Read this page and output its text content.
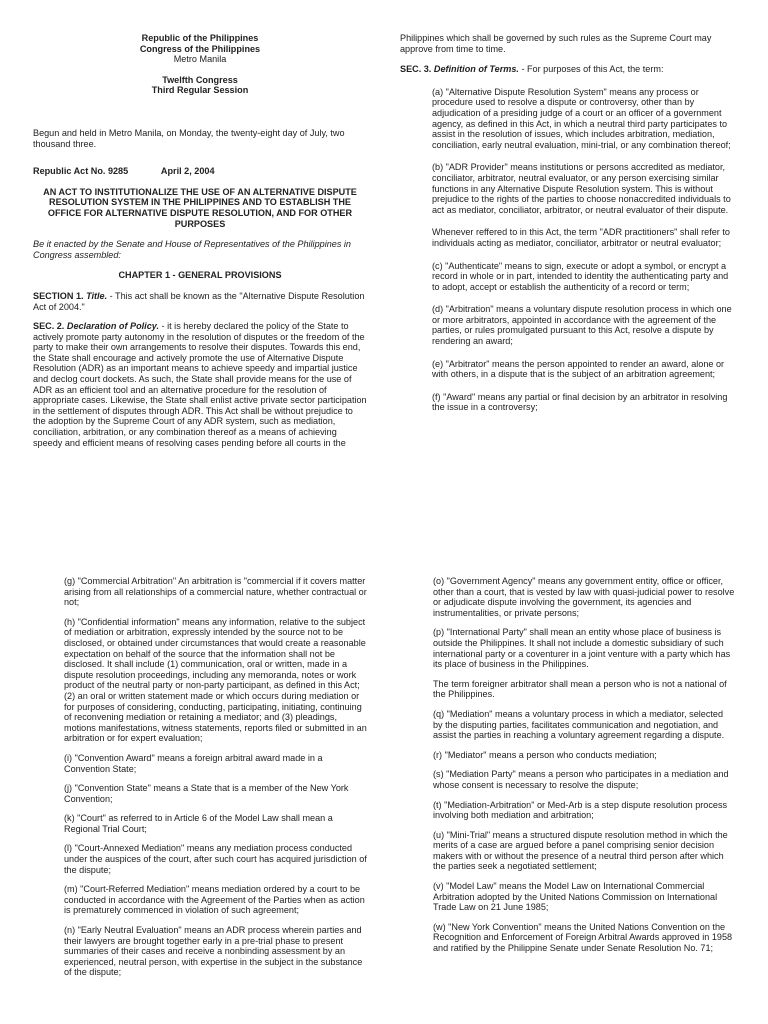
Republic of the Philippines
Congress of the Philippines
Metro Manila
Twelfth Congress
Third Regular Session

Begun and held in Metro Manila, on Monday, the twenty-eight day of July, two thousand three.

Republic Act No. 9285	April 2, 2004

AN ACT TO INSTITUTIONALIZE THE USE OF AN ALTERNATIVE DISPUTE RESOLUTION SYSTEM IN THE PHILIPPINES AND TO ESTABLISH THE OFFICE FOR ALTERNATIVE DISPUTE RESOLUTION, AND FOR OTHER PURPOSES

Be it enacted by the Senate and House of Representatives of the Philippines in Congress assembled:

CHAPTER 1 - GENERAL PROVISIONS

SECTION 1. Title. - This act shall be known as the "Alternative Dispute Resolution Act of 2004."

SEC. 2. Declaration of Policy. - it is hereby declared the policy of the State to actively promote party autonomy in the resolution of disputes or the freedom of the party to make their own arrangements to resolve their disputes. Towards this end, the State shall encourage and actively promote the use of Alternative Dispute Resolution (ADR) as an important means to achieve speedy and impartial justice and declog court dockets. As such, the State shall provide means for the use of ADR as an efficient tool and an alternative procedure for the resolution of appropriate cases. Likewise, the State shall enlist active private sector participation in the settlement of disputes through ADR. This Act shall be without prejudice to the adoption by the Supreme Court of any ADR system, such as mediation, conciliation, arbitration, or any combination thereof as a means of achieving speedy and efficient means of resolving cases pending before all courts in the

Philippines which shall be governed by such rules as the Supreme Court may approve from time to time.

SEC. 3. Definition of Terms. - For purposes of this Act, the term:

(a) "Alternative Dispute Resolution System" means any process or procedure used to resolve a dispute or controversy, other than by adjudication of a presiding judge of a court or an officer of a government agency, as defined in this Act, in which a neutral third party participates to assist in the resolution of issues, which includes arbitration, mediation, conciliation, early neutral evaluation, mini-trial, or any combination thereof;

(b) "ADR Provider" means institutions or persons accredited as mediator, conciliator, arbitrator, neutral evaluator, or any person exercising similar functions in any Alternative Dispute Resolution system. This is without prejudice to the rights of the parties to choose nonaccredited individuals to act as mediator, conciliator, arbitrator, or neutral evaluator of their dispute.

Whenever reffered to in this Act, the term "ADR practitioners" shall refer to individuals acting as mediator, conciliator, arbitrator or neutral evaluator;

(c) "Authenticate" means to sign, execute or adopt a symbol, or encrypt a record in whole or in part, intended to identity the authenticating party and to adopt, accept or establish the authenticity of a record or term;

(d) "Arbitration" means a voluntary dispute resolution process in which one or more arbitrators, appointed in accordance with the agreement of the parties, or rules promulgated pursuant to this Act, resolve a dispute by rendering an award;

(e) "Arbitrator" means the person appointed to render an award, alone or with others, in a dispute that is the subject of an arbitration agreement;

(f) "Award" means any partial or final decision by an arbitrator in resolving the issue in a controversy;

(g) "Commercial Arbitration" An arbitration is "commercial if it covers matter arising from all relationships of a commercial nature, whether contractual or not;

(h) "Confidential information" means any information, relative to the subject of mediation or arbitration, expressly intended by the source not to be disclosed, or obtained under circumstances that would create a reasonable expectation on behalf of the source that the information shall not be disclosed. It shall include (1) communication, oral or written, made in a dispute resolution proceedings, including any memoranda, notes or work product of the neutral party or non-party participant, as defined in this Act; (2) an oral or written statement made or which occurs during mediation or for purposes of considering, conducting, participating, initiating, continuing of reconvening mediation or retaining a mediator; and (3) pleadings, motions manifestations, witness statements, reports filed or submitted in an arbitration or for expert evaluation;

(i) "Convention Award" means a foreign arbitral award made in a Convention State;

(j) "Convention State" means a State that is a member of the New York Convention;

(k) "Court" as referred to in Article 6 of the Model Law shall mean a Regional Trial Court;

(l) "Court-Annexed Mediation" means any mediation process conducted under the auspices of the court, after such court has acquired jurisdiction of the dispute;

(m) "Court-Referred Mediation" means mediation ordered by a court to be conducted in accordance with the Agreement of the Parties when as action is prematurely commenced in violation of such agreement;

(n) "Early Neutral Evaluation" means an ADR process wherein parties and their lawyers are brought together early in a pre-trial phase to present summaries of their cases and receive a nonbinding assessment by an experienced, neutral person, with expertise in the subject in the substance of the dispute;

(o) "Government Agency" means any government entity, office or officer, other than a court, that is vested by law with quasi-judicial power to resolve or adjudicate dispute involving the government, its agencies and instrumentalities, or private persons;

(p) "International Party" shall mean an entity whose place of business is outside the Philippines. It shall not include a domestic subsidiary of such international party or a coventurer in a joint venture with a party which has its place of business in the Philippines.

The term foreigner arbitrator shall mean a person who is not a national of the Philippines.

(q) "Mediation" means a voluntary process in which a mediator, selected by the disputing parties, facilitates communication and negotiation, and assist the parties in reaching a voluntary agreement regarding a dispute.

(r) "Mediator" means a person who conducts mediation;

(s) "Mediation Party" means a person who participates in a mediation and whose consent is necessary to resolve the dispute;

(t) "Mediation-Arbitration" or Med-Arb is a step dispute resolution process involving both mediation and arbitration;

(u) "Mini-Trial" means a structured dispute resolution method in which the merits of a case are argued before a panel comprising senior decision makers with or without the presence of a neutral third person after which the parties seek a negotiated settlement;

(v) "Model Law" means the Model Law on International Commercial Arbitration adopted by the United Nations Commission on International Trade Law on 21 June 1985;

(w) "New York Convention" means the United Nations Convention on the Recognition and Enforcement of Foreign Arbitral Awards approved in 1958 and ratified by the Philippine Senate under Senate Resolution No. 71;
